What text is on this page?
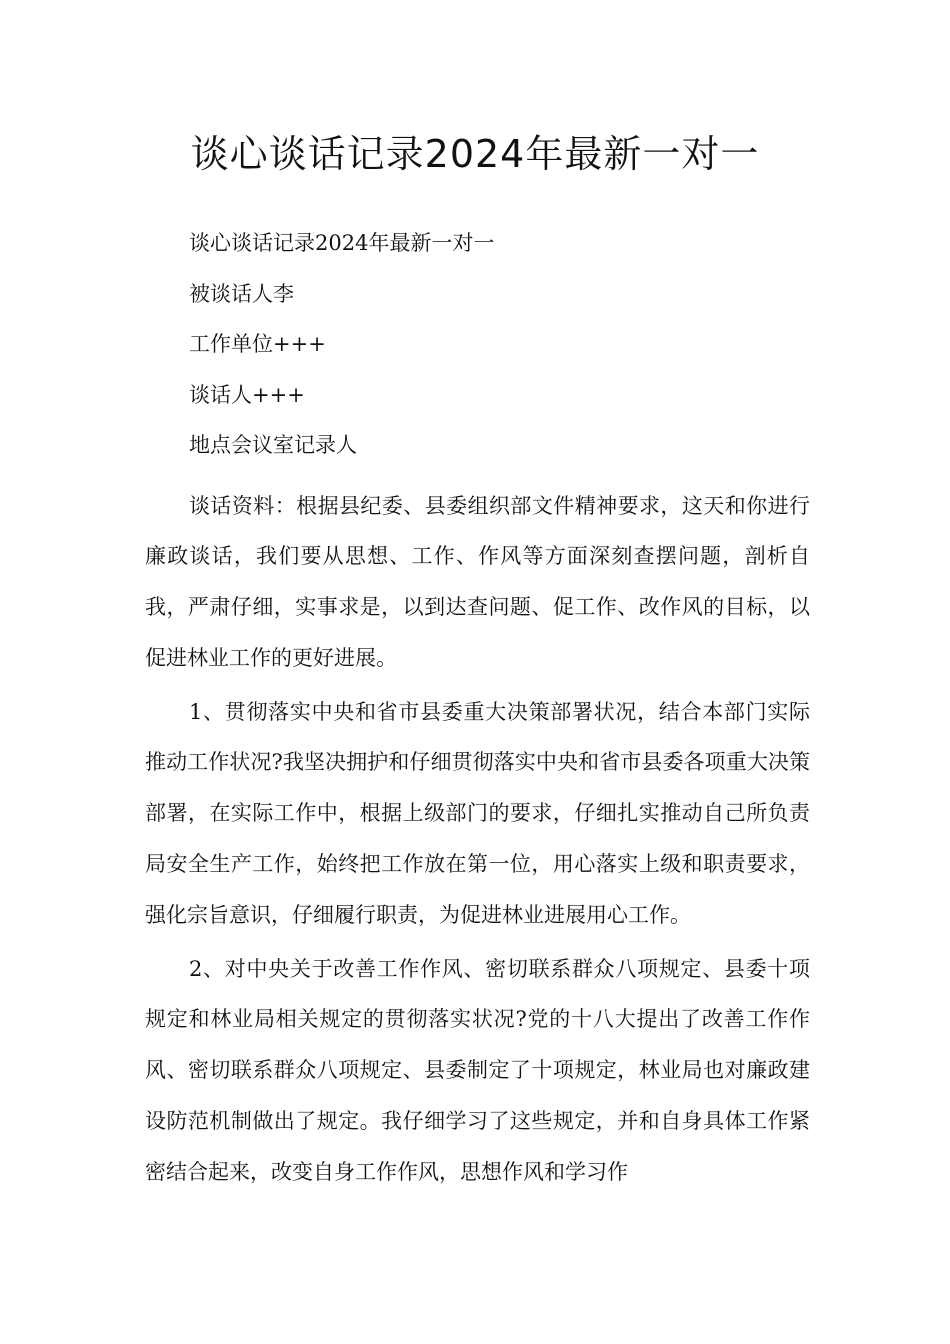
谈心谈话记录2024年最新一对一

谈心谈话记录2024年最新一对一

被谈话人李

工作单位+++

谈话人+++

地点会议室记录人

谈话资料：根据县纪委、县委组织部文件精神要求，这天和你进行廉政谈话，我们要从思想、工作、作风等方面深刻查摆问题，剖析自我，严肃仔细，实事求是，以到达查问题、促工作、改作风的目标，以促进林业工作的更好进展。

1、贯彻落实中央和省市县委重大决策部署状况，结合本部门实际推动工作状况?我坚决拥护和仔细贯彻落实中央和省市县委各项重大决策部署，在实际工作中，根据上级部门的要求，仔细扎实推动自己所负责局安全生产工作，始终把工作放在第一位，用心落实上级和职责要求，强化宗旨意识，仔细履行职责，为促进林业进展用心工作。

2、对中央关于改善工作作风、密切联系群众八项规定、县委十项规定和林业局相关规定的贯彻落实状况?党的十八大提出了改善工作作风、密切联系群众八项规定、县委制定了十项规定，林业局也对廉政建设防范机制做出了规定。我仔细学习了这些规定，并和自身具体工作紧密结合起来，改变自身工作作风，思想作风和学习作
